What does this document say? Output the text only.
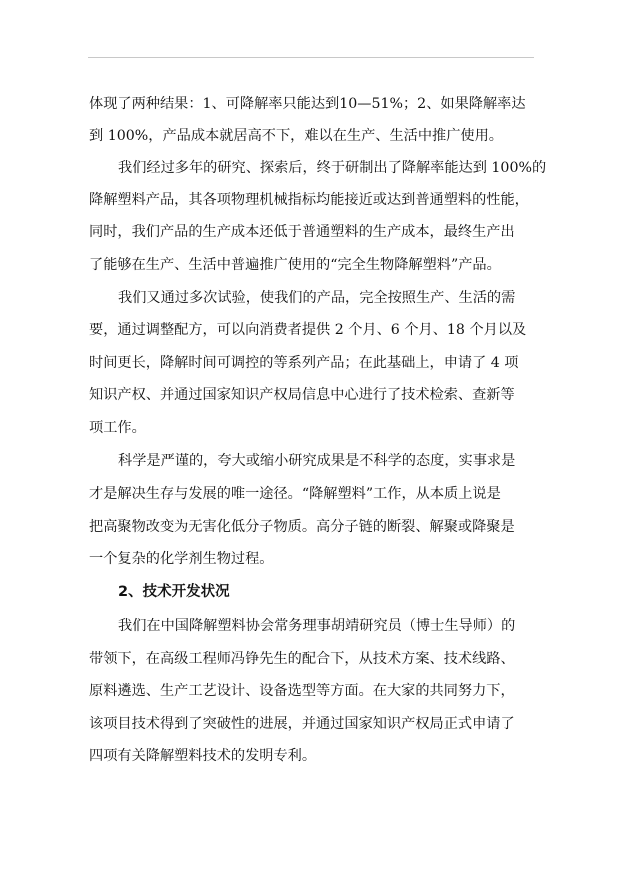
体现了两种结果：1、可降解率只能达到10—51%；2、如果降解率达
到 100%，产品成本就居高不下，难以在生产、生活中推广使用。
我们经过多年的研究、探索后，终于研制出了降解率能达到 100%的
降解塑料产品，其各项物理机械指标均能接近或达到普通塑料的性能，
同时，我们产品的生产成本还低于普通塑料的生产成本，最终生产出
了能够在生产、生活中普遍推广使用的“完全生物降解塑料”产品。
我们又通过多次试验，使我们的产品，完全按照生产、生活的需
要，通过调整配方，可以向消费者提供 2 个月、6 个月、18 个月以及
时间更长，降解时间可调控的等系列产品；在此基础上，申请了 4 项
知识产权、并通过国家知识产权局信息中心进行了技术检索、查新等
项工作。
科学是严谨的，夸大或缩小研究成果是不科学的态度，实事求是
才是解决生存与发展的唯一途径。“降解塑料”工作，从本质上说是
把高聚物改变为无害化低分子物质。高分子链的断裂、解聚或降聚是
一个复杂的化学剂生物过程。
2、技术开发状况
我们在中国降解塑料协会常务理事胡靖研究员（博士生导师）的
带领下，在高级工程师冯铮先生的配合下，从技术方案、技术线路、
原料遴选、生产工艺设计、设备选型等方面。在大家的共同努力下，
该项目技术得到了突破性的进展，并通过国家知识产权局正式申请了
四项有关降解塑料技术的发明专利。
